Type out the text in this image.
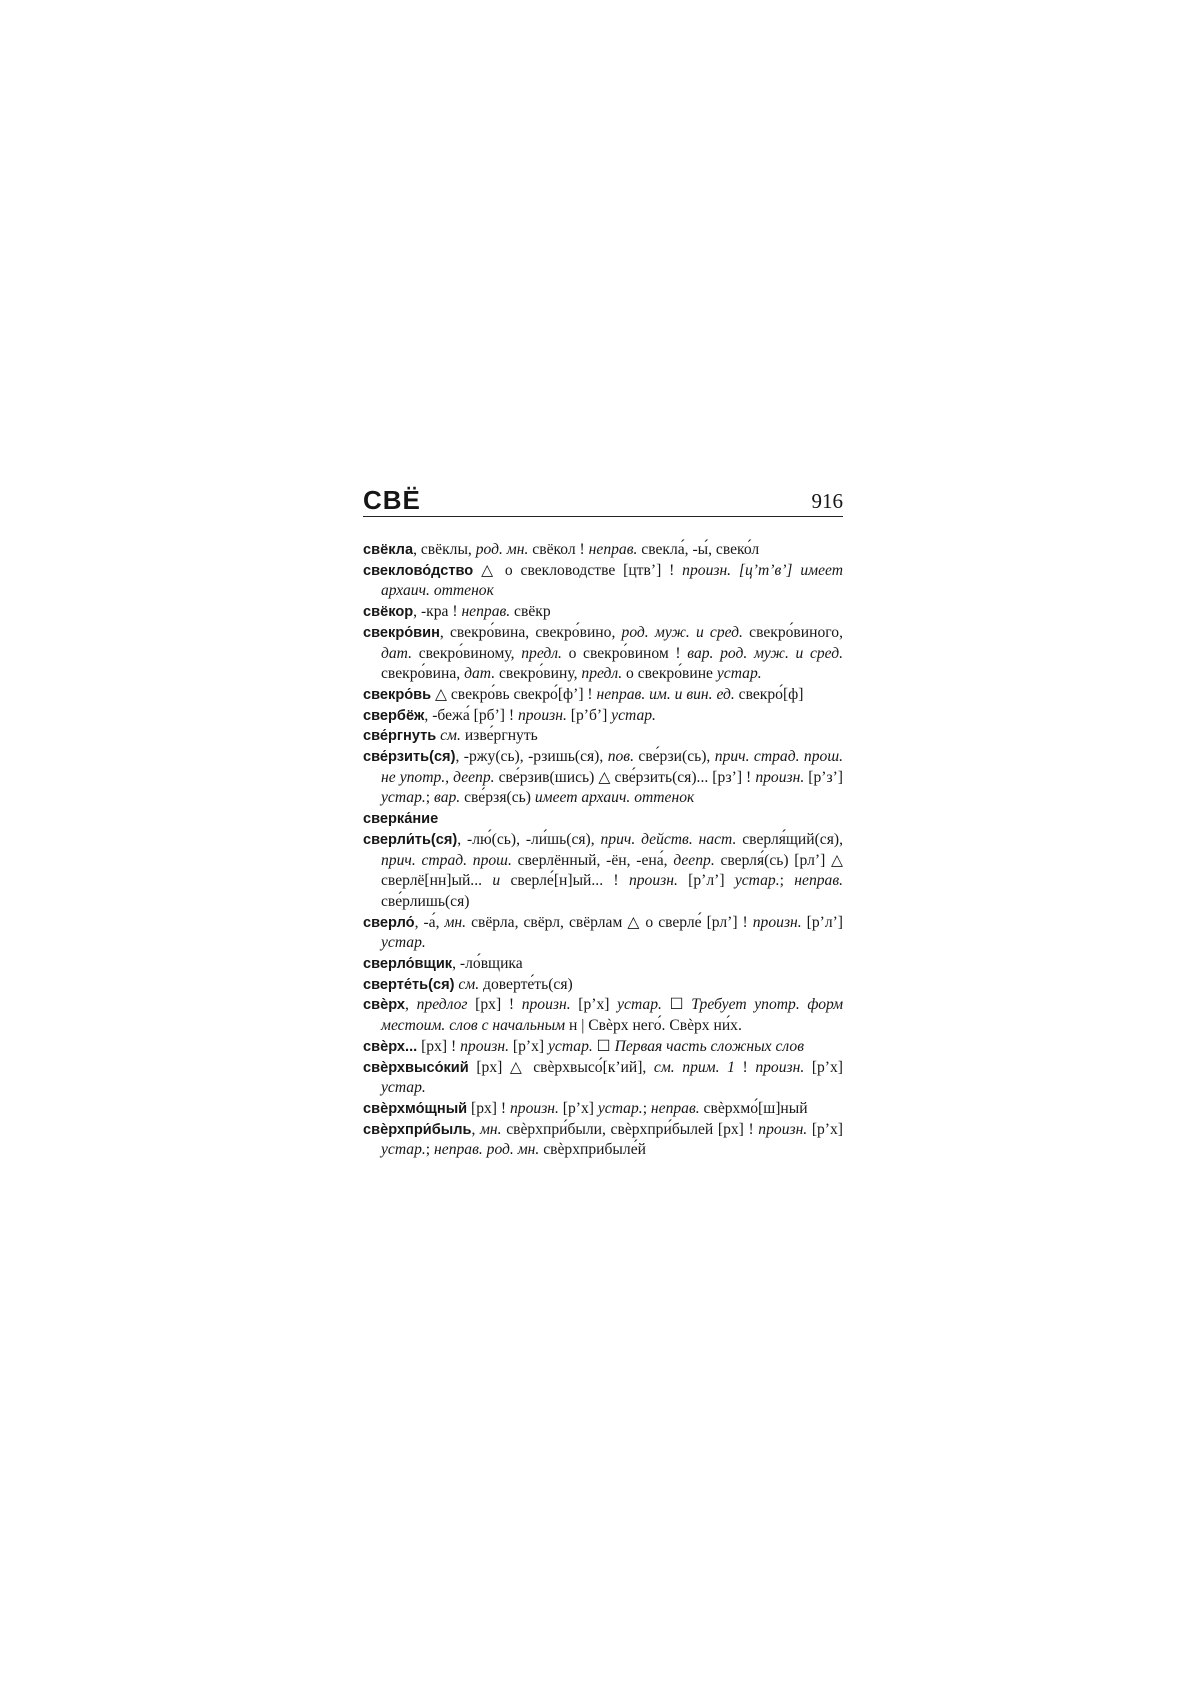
СВЁ	916

свёкла, свёклы, род. мн. свёкол ! неправ. свекла́, -ы́, свеко́л

свеклово́дство △ о свекловодстве [цтв’] ! произн. [ц’т’в’] имеет архаич. оттенок

свёкор, -кра ! неправ. свёкр

свекро́вин, свекро́вина, свекро́вино, род. муж. и сред. свекро́виного, дат. свекро́виному, предл. о свекро́вином ! вар. род. муж. и сред. свекро́вина, дат. свекро́вину, предл. о свекро́вине устар.

свекро́вь △ свекро́вь свекро́[ф’] ! неправ. им. и вин. ед. свекро́[ф]

свербёж, -бежа́ [рб’] ! произн. [р’б’] устар.

све́ргнуть см. изве́ргнуть

све́рзить(ся), -ржу(сь), -рзишь(ся), пов. све́рзи(сь), прич. страд. прош. не употр., деепр. све́рзив(шись) △ све́рзить(ся)... [рз’] ! произн. [р’з’] устар.; вар. све́рзя(сь) имеет архаич. оттенок

сверка́ние

сверли́ть(ся), -лю́(сь), -ли́шь(ся), прич. действ. наст. сверля́щий(ся), прич. страд. прош. сверлённый, -ён, -ена́, деепр. сверля́(сь) [рл’] △ сверлё[нн]ый... и сверле́[н]ый... ! произн. [р’л’] устар.; неправ. све́рлишь(ся)

сверло́, -а́, мн. свёрла, свёрл, свёрлам △ о сверле́ [рл’] ! произн. [р’л’] устар.

сверло́вщик, -ло́вщика

сверте́ть(ся) см. доверте́ть(ся)

свѐрх, предлог [рх] ! произн. [р’х] устар. ☐ Требует употр. форм местоим. слов с начальным н | Свѐрх него́. Свѐрх ни́х.

свѐрх... [рх] ! произн. [р’х] устар. ☐ Первая часть сложных слов

свѐрхвысо́кий [рх] △ свѐрхвысо́[к’ий], см. прим. 1 ! произн. [р’х] устар.

свѐрхмо́щный [рх] ! произн. [р’х] устар.; неправ. свѐрхмо́[ш]ный

свѐрхпри́быль, мн. свѐрхпри́были, свѐрхпри́былей [рх] ! произн. [р’х] устар.; неправ. род. мн. свѐрхприбыле́й
